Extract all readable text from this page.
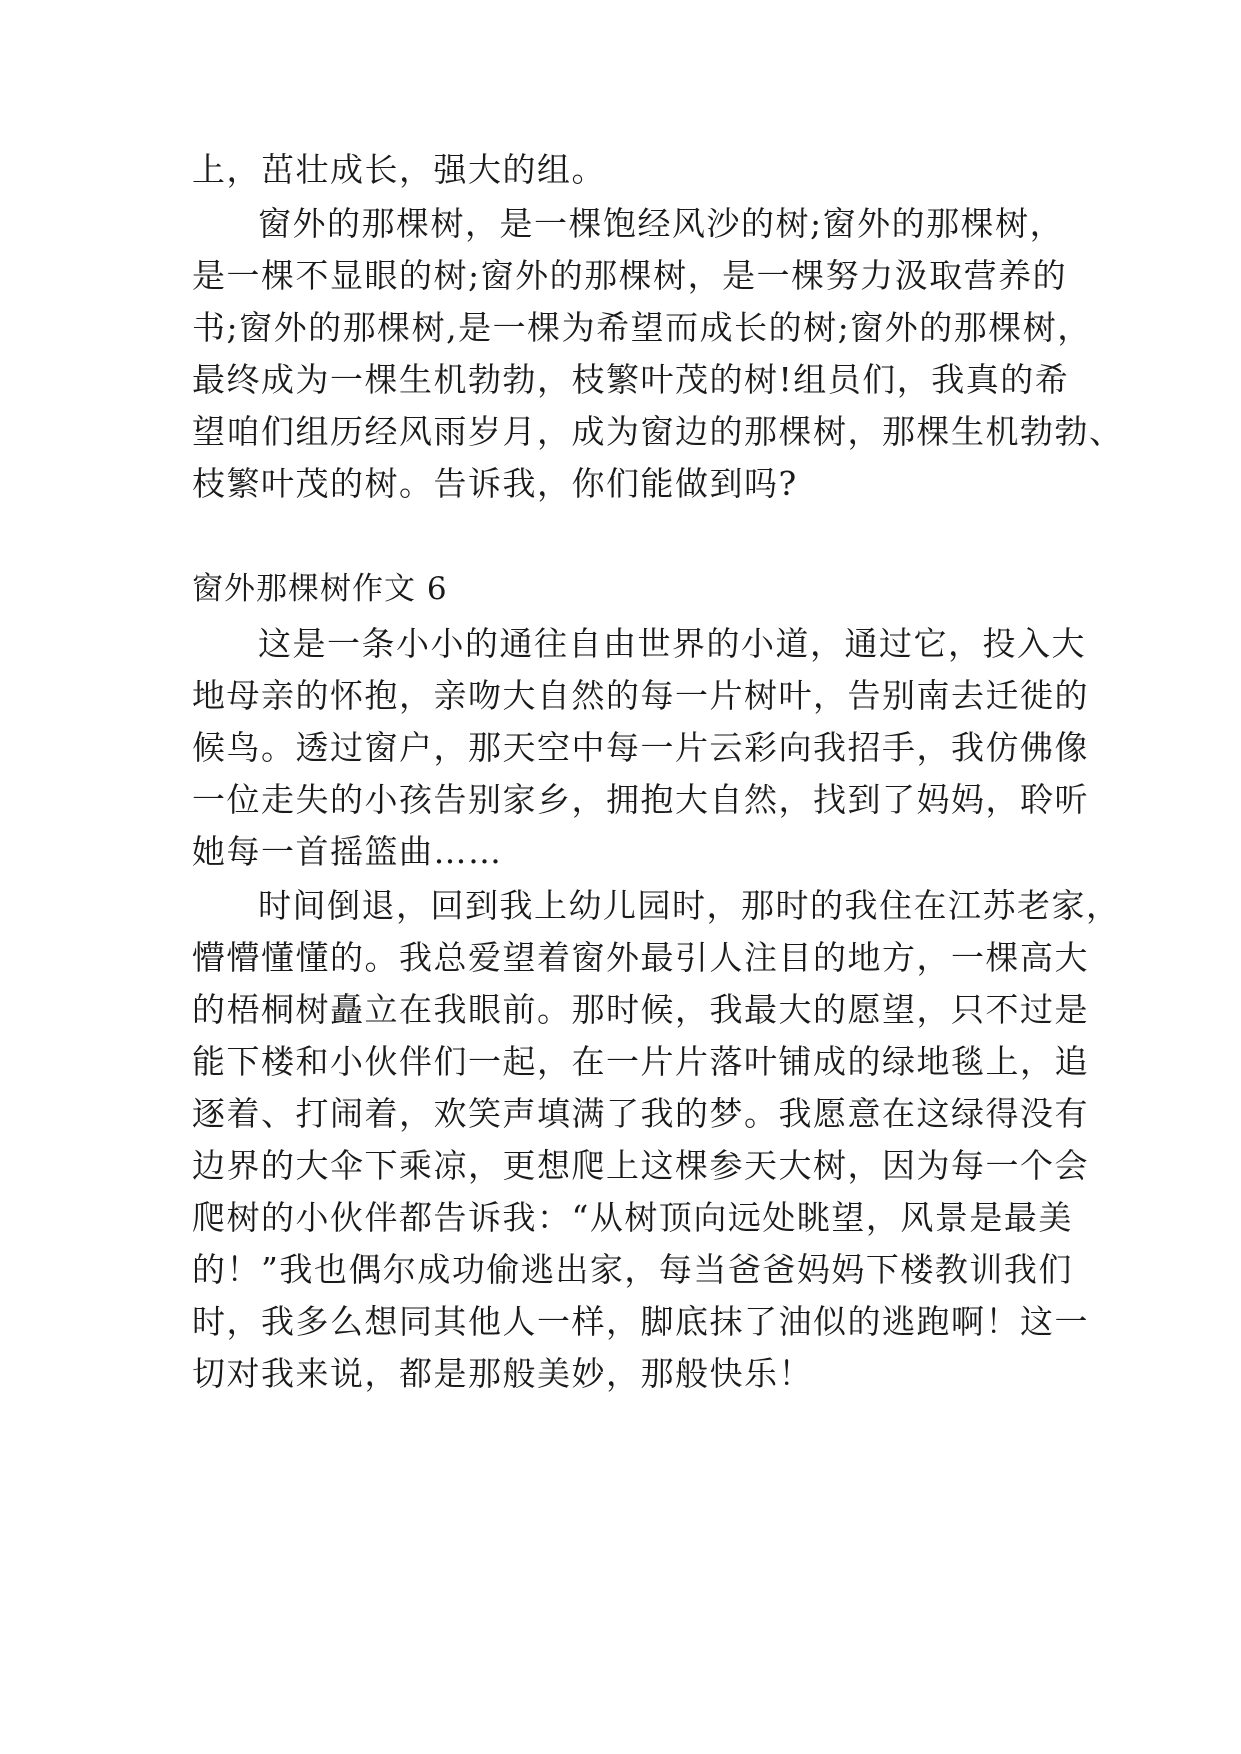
上，茁壮成长，强大的组。
窗外的那棵树，是一棵饱经风沙的树;窗外的那棵树，
是一棵不显眼的树;窗外的那棵树，是一棵努力汲取营养的
书;窗外的那棵树,是一棵为希望而成长的树;窗外的那棵树，
最终成为一棵生机勃勃，枝繁叶茂的树!组员们，我真的希
望咱们组历经风雨岁月，成为窗边的那棵树，那棵生机勃勃、
枝繁叶茂的树。告诉我，你们能做到吗?
窗外那棵树作文 6
这是一条小小的通往自由世界的小道，通过它，投入大
地母亲的怀抱，亲吻大自然的每一片树叶，告别南去迁徙的
候鸟。透过窗户，那天空中每一片云彩向我招手，我仿佛像
一位走失的小孩告别家乡，拥抱大自然，找到了妈妈，聆听
她每一首摇篮曲……
时间倒退，回到我上幼儿园时，那时的我住在江苏老家，
懵懵懂懂的。我总爱望着窗外最引人注目的地方，一棵高大
的梧桐树矗立在我眼前。那时候，我最大的愿望，只不过是
能下楼和小伙伴们一起，在一片片落叶铺成的绿地毯上，追
逐着、打闹着，欢笑声填满了我的梦。我愿意在这绿得没有
边界的大伞下乘凉，更想爬上这棵参天大树，因为每一个会
爬树的小伙伴都告诉我：“从树顶向远处眺望，风景是最美
的！”我也偶尔成功偷逃出家，每当爸爸妈妈下楼教训我们
时，我多么想同其他人一样，脚底抹了油似的逃跑啊！这一
切对我来说，都是那般美妙，那般快乐！
